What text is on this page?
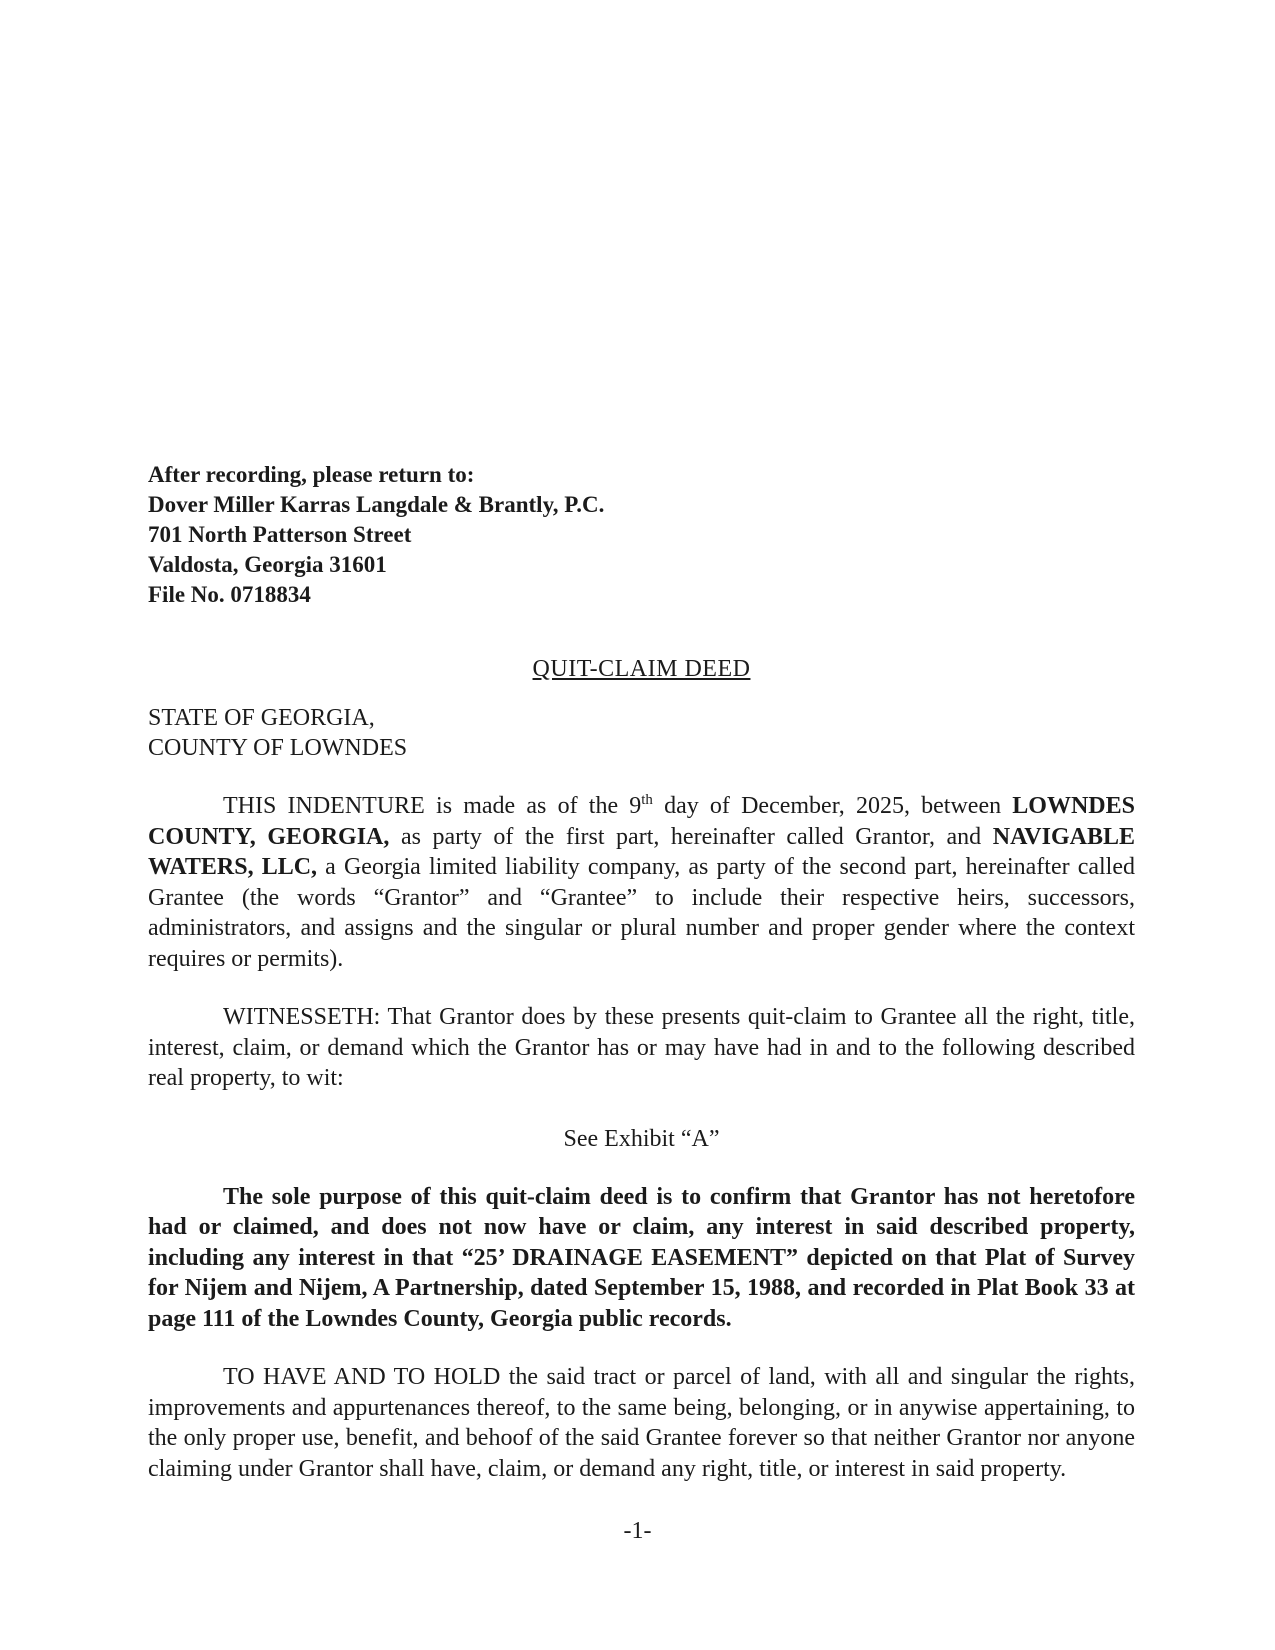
After recording, please return to:
Dover Miller Karras Langdale & Brantly, P.C.
701 North Patterson Street
Valdosta, Georgia 31601
File No. 0718834
QUIT-CLAIM DEED
STATE OF GEORGIA,
COUNTY OF LOWNDES

THIS INDENTURE is made as of the 9th day of December, 2025, between LOWNDES COUNTY, GEORGIA, as party of the first part, hereinafter called Grantor, and NAVIGABLE WATERS, LLC, a Georgia limited liability company, as party of the second part, hereinafter called Grantee (the words “Grantor” and “Grantee” to include their respective heirs, successors, administrators, and assigns and the singular or plural number and proper gender where the context requires or permits).

WITNESSETH: That Grantor does by these presents quit-claim to Grantee all the right, title, interest, claim, or demand which the Grantor has or may have had in and to the following described real property, to wit:

See Exhibit “A”

The sole purpose of this quit-claim deed is to confirm that Grantor has not heretofore had or claimed, and does not now have or claim, any interest in said described property, including any interest in that “25’ DRAINAGE EASEMENT” depicted on that Plat of Survey for Nijem and Nijem, A Partnership, dated September 15, 1988, and recorded in Plat Book 33 at page 111 of the Lowndes County, Georgia public records.

TO HAVE AND TO HOLD the said tract or parcel of land, with all and singular the rights, improvements and appurtenances thereof, to the same being, belonging, or in anywise appertaining, to the only proper use, benefit, and behoof of the said Grantee forever so that neither Grantor nor anyone claiming under Grantor shall have, claim, or demand any right, title, or interest in said property.

-1-
